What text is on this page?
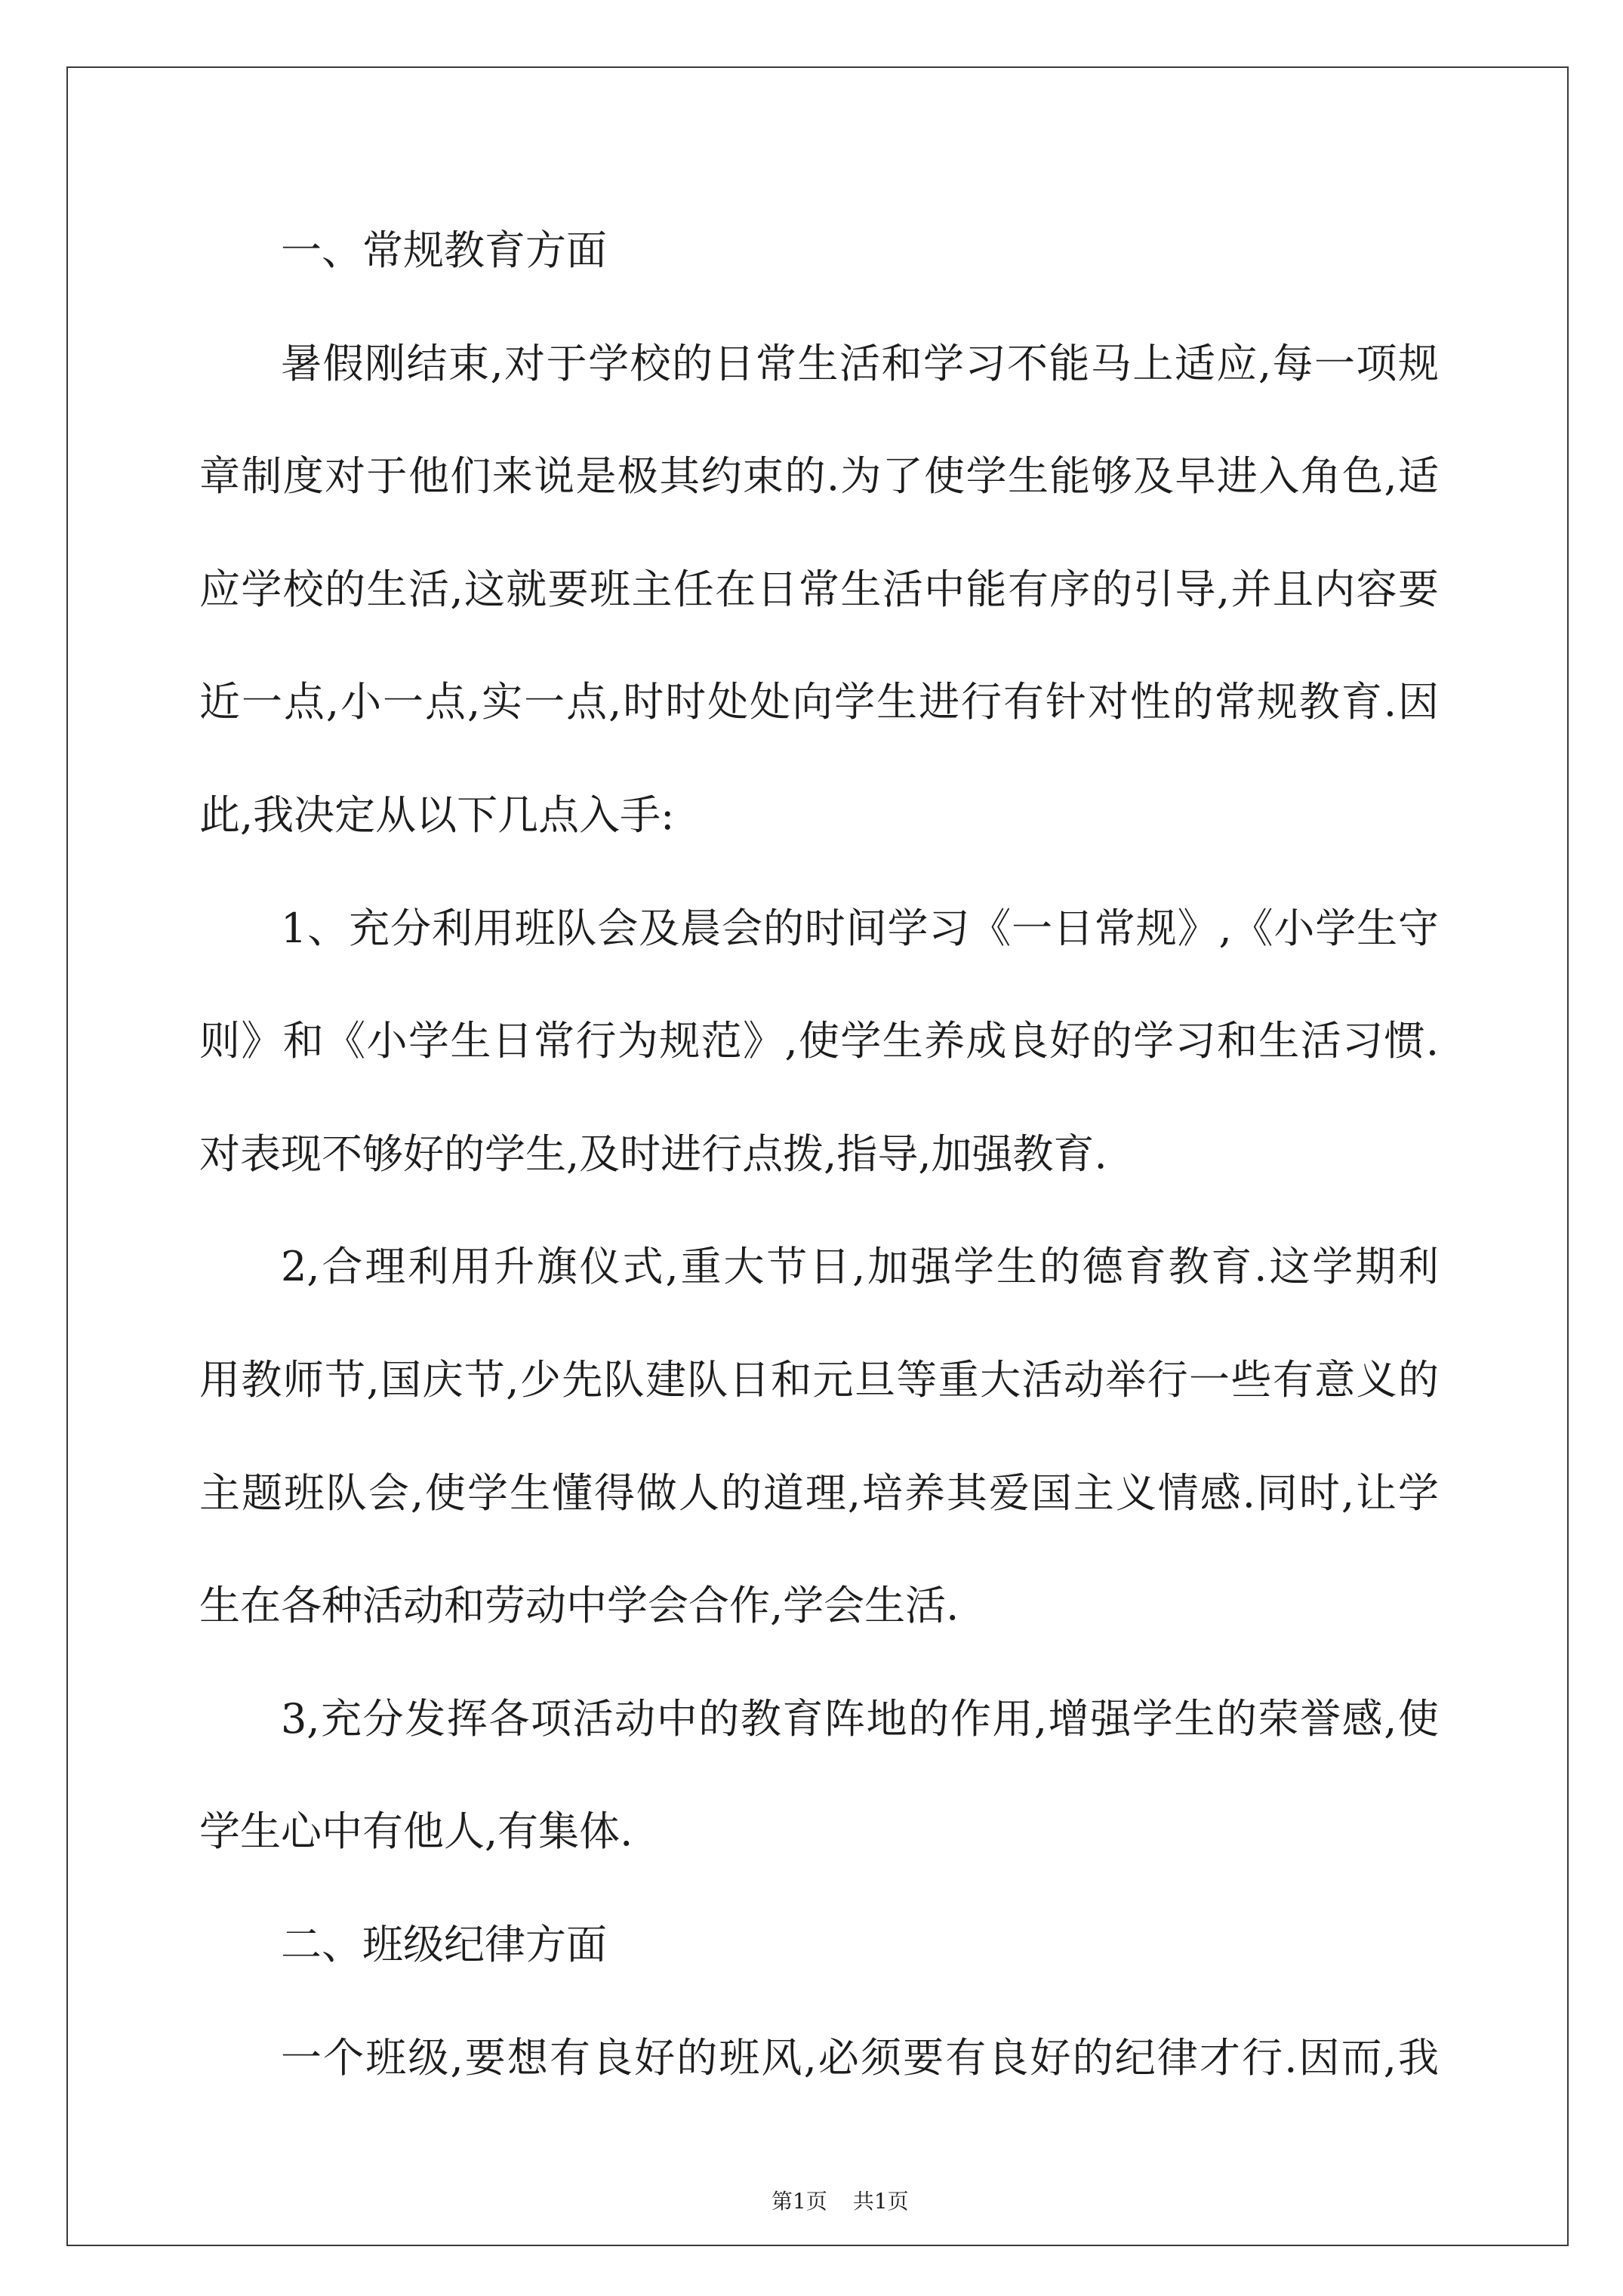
一、常规教育方面
暑假刚结束,对于学校的日常生活和学习不能马上适应,每一项规
章制度对于他们来说是极其约束的.为了使学生能够及早进入角色,适
应学校的生活,这就要班主任在日常生活中能有序的引导,并且内容要
近一点,小一点,实一点,时时处处向学生进行有针对性的常规教育.因
此,我决定从以下几点入手:
1、充分利用班队会及晨会的时间学习《一日常规》,《小学生守
则》和《小学生日常行为规范》,使学生养成良好的学习和生活习惯.
对表现不够好的学生,及时进行点拨,指导,加强教育.
2,合理利用升旗仪式,重大节日,加强学生的德育教育.这学期利
用教师节,国庆节,少先队建队日和元旦等重大活动举行一些有意义的
主题班队会,使学生懂得做人的道理,培养其爱国主义情感.同时,让学
生在各种活动和劳动中学会合作,学会生活.
3,充分发挥各项活动中的教育阵地的作用,增强学生的荣誉感,使
学生心中有他人,有集体.
二、班级纪律方面
一个班级,要想有良好的班风,必须要有良好的纪律才行.因而,我
第1页 共1页
